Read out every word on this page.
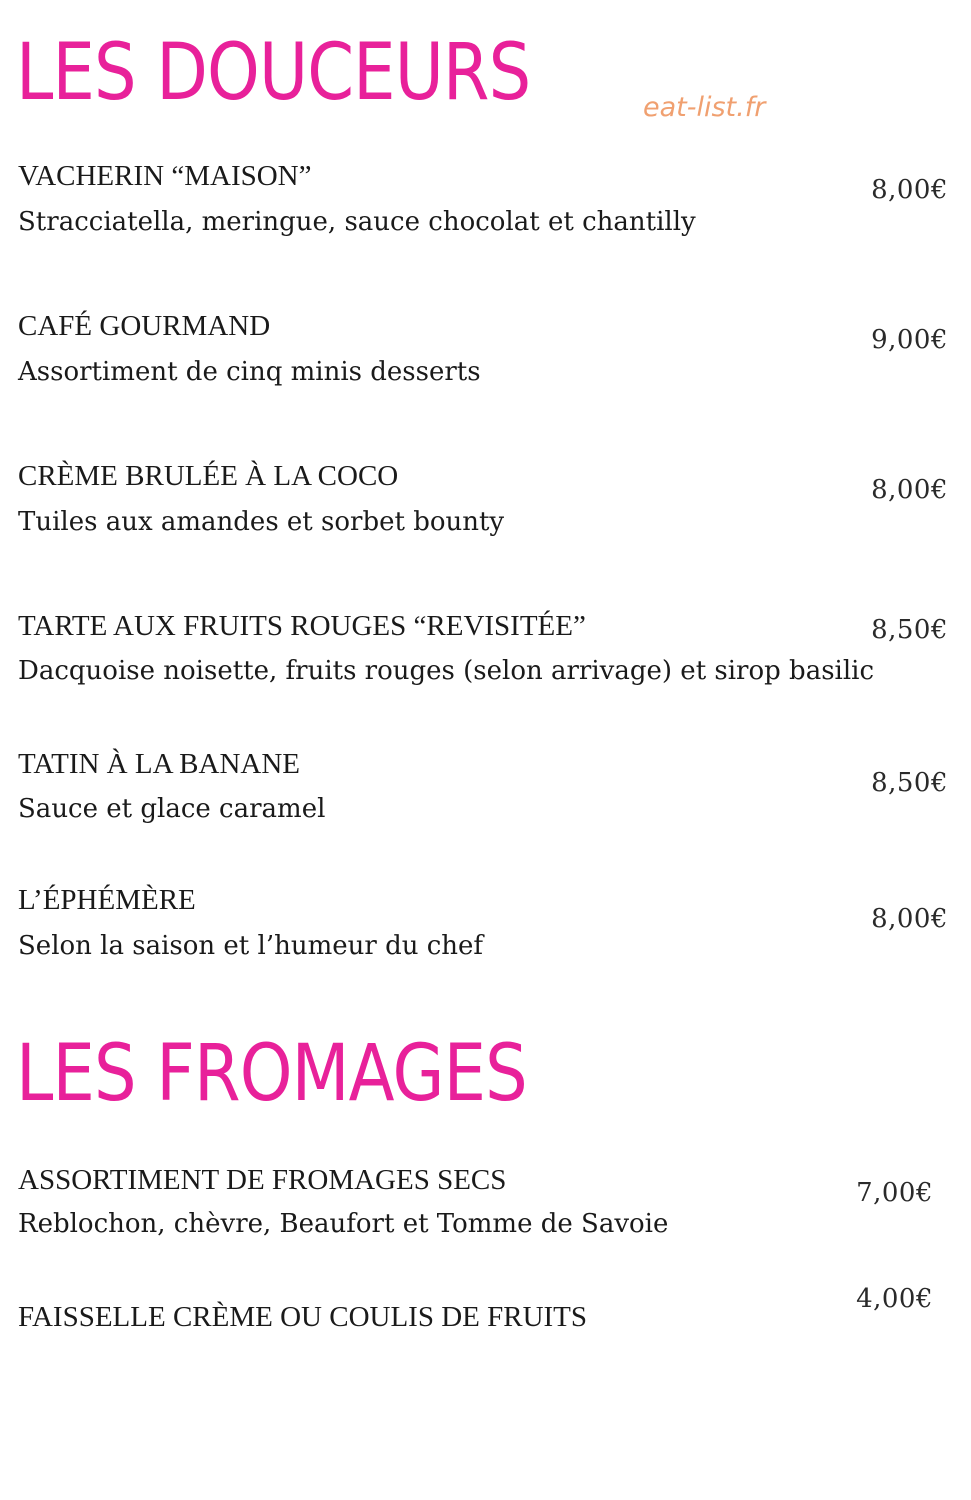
LES DOUCEURS	eat-list.fr
VACHERIN “MAISON”
Stracciatella, meringue, sauce chocolat et chantilly
8,00€
CAFÉ GOURMAND
Assortiment de cinq minis desserts
9,00€
CRÈME BRULÉE À LA COCO
Tuiles aux amandes et sorbet bounty
8,00€
TARTE AUX FRUITS ROUGES “REVISITÉE”
Dacquoise noisette, fruits rouges (selon arrivage) et sirop basilic
8,50€
TATIN À LA BANANE
Sauce et glace caramel
8,50€
L’ÉPHÉMÈRE
Selon la saison et l’humeur du chef
8,00€
LES FROMAGES
ASSORTIMENT DE FROMAGES SECS
Reblochon, chèvre, Beaufort et Tomme de Savoie
7,00€
FAISSELLE CRÈME OU COULIS DE FRUITS
4,00€
